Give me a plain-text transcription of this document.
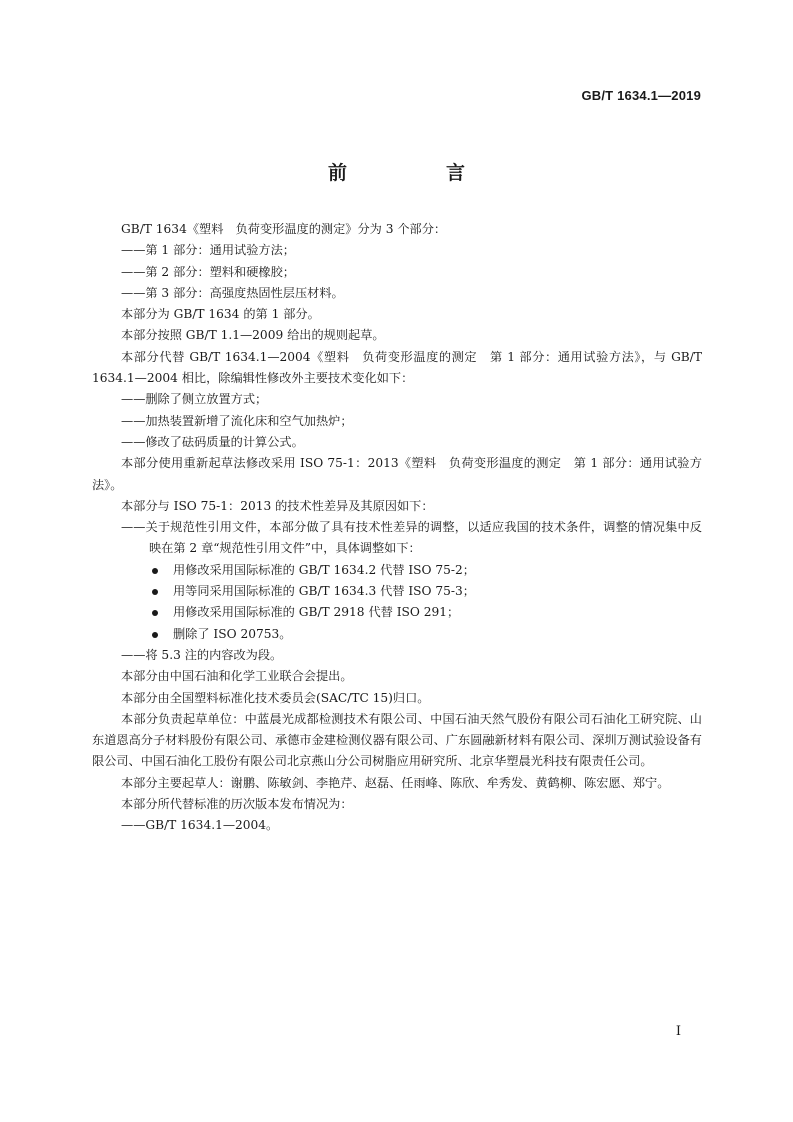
GB/T 1634.1—2019
前　言

GB/T 1634《塑料　负荷变形温度的测定》分为 3 个部分：

——第 1 部分：通用试验方法；

——第 2 部分：塑料和硬橡胶；

——第 3 部分：高强度热固性层压材料。

本部分为 GB/T 1634 的第 1 部分。

本部分按照 GB/T 1.1—2009 给出的规则起草。

本部分代替 GB/T 1634.1—2004《塑料　负荷变形温度的测定　第 1 部分：通用试验方法》，与 GB/T 1634.1—2004 相比，除编辑性修改外主要技术变化如下：

——删除了侧立放置方式；

——加热装置新增了流化床和空气加热炉；

——修改了砝码质量的计算公式。

本部分使用重新起草法修改采用 ISO 75-1：2013《塑料　负荷变形温度的测定　第 1 部分：通用试验方法》。

本部分与 ISO 75-1：2013 的技术性差异及其原因如下：

——关于规范性引用文件，本部分做了具有技术性差异的调整，以适应我国的技术条件，调整的情况集中反映在第 2 章“规范性引用文件”中，具体调整如下：

用修改采用国际标准的 GB/T 1634.2 代替 ISO 75-2；
用等同采用国际标准的 GB/T 1634.3 代替 ISO 75-3；
用修改采用国际标准的 GB/T 2918 代替 ISO 291；
删除了 ISO 20753。

——将 5.3 注的内容改为段。

本部分由中国石油和化学工业联合会提出。

本部分由全国塑料标准化技术委员会(SAC/TC 15)归口。

本部分负责起草单位：中蓝晨光成都检测技术有限公司、中国石油天然气股份有限公司石油化工研究院、山东道恩高分子材料股份有限公司、承德市金建检测仪器有限公司、广东圆融新材料有限公司、深圳万测试验设备有限公司、中国石油化工股份有限公司北京燕山分公司树脂应用研究所、北京华塑晨光科技有限责任公司。

本部分主要起草人：谢鹏、陈敏剑、李艳芹、赵磊、任雨峰、陈欣、牟秀发、黄鹤柳、陈宏愿、郑宁。

本部分所代替标准的历次版本发布情况为：

——GB/T 1634.1—2004。

I
